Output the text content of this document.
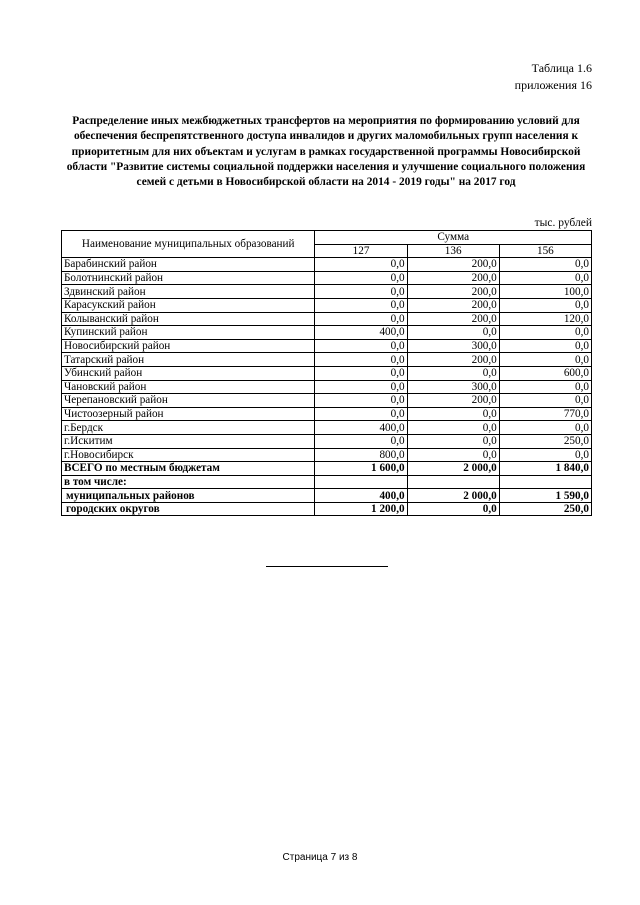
Таблица 1.6
приложения 16
Распределение иных межбюджетных трансфертов на мероприятия по формированию условий для обеспечения беспрепятственного доступа инвалидов и других маломобильных групп населения к приоритетным для них объектам и услугам в рамках государственной программы Новосибирской области "Развитие системы социальной поддержки населения и улучшение социального положения семей с детьми в Новосибирской области на 2014 - 2019 годы" на 2017 год
тыс. рублей
Наименование муниципальных образований	Сумма		
	127	136	156
Барабинский район	0,0	200,0	0,0
Болотнинский район	0,0	200,0	0,0
Здвинский район	0,0	200,0	100,0
Карасукский район	0,0	200,0	0,0
Колыванский район	0,0	200,0	120,0
Купинский район	400,0	0,0	0,0
Новосибирский район	0,0	300,0	0,0
Татарский район	0,0	200,0	0,0
Убинский район	0,0	0,0	600,0
Чановский район	0,0	300,0	0,0
Черепановский район	0,0	200,0	0,0
Чистоозерный район	0,0	0,0	770,0
г.Бердск	400,0	0,0	0,0
г.Искитим	0,0	0,0	250,0
г.Новосибирск	800,0	0,0	0,0
ВСЕГО по местным бюджетам	1 600,0	2 000,0	1 840,0
в том числе:			
муниципальных районов	400,0	2 000,0	1 590,0
городских округов	1 200,0	0,0	250,0
Страница 7 из 8
